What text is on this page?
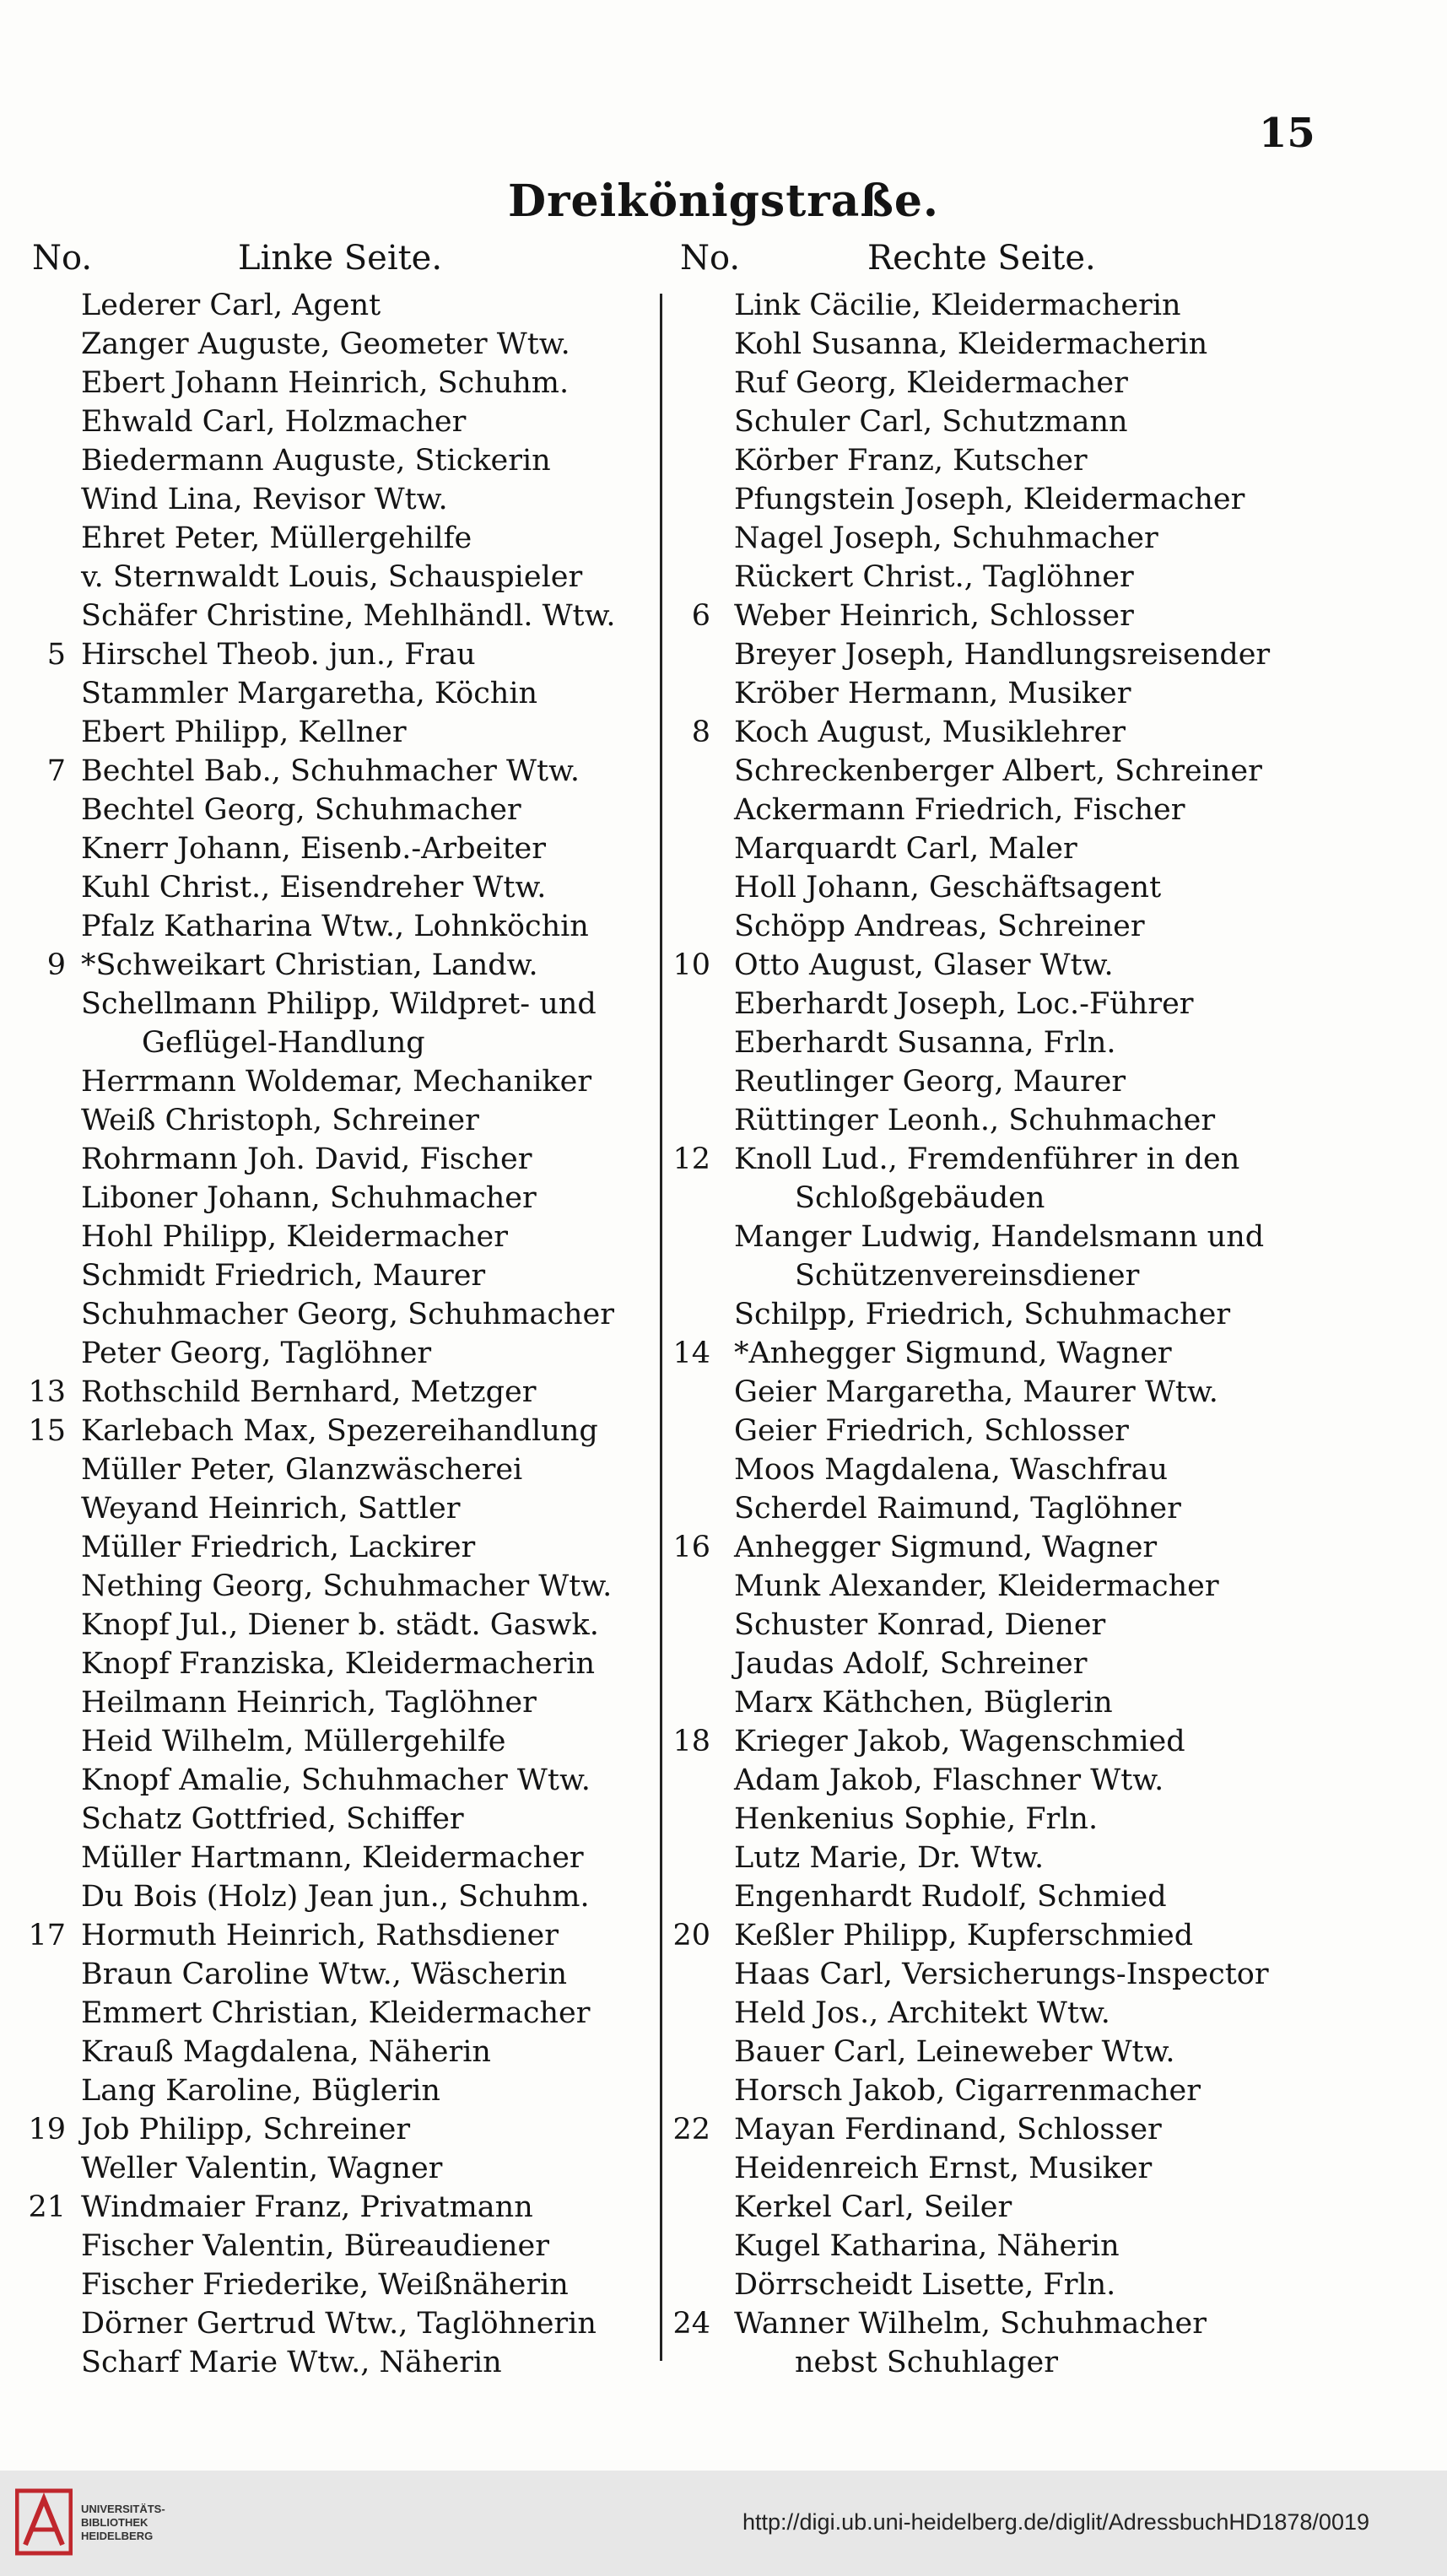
15
Dreikönigstraße.
No.	Linke Seite.	No.	Rechte Seite.
Lederer Carl, Agent
Zanger Auguste, Geometer Wtw.
Ebert Johann Heinrich, Schuhm.
Ehwald Carl, Holzmacher
Biedermann Auguste, Stickerin
Wind Lina, Revisor Wtw.
Ehret Peter, Müllergehilfe
v. Sternwaldt Louis, Schauspieler
Schäfer Christine, Mehlhändl. Wtw.
5 Hirschel Theob. jun., Frau
Stammler Margaretha, Köchin
Ebert Philipp, Kellner
7 Bechtel Bab., Schuhmacher Wtw.
Bechtel Georg, Schuhmacher
Knerr Johann, Eisenb.-Arbeiter
Kuhl Christ., Eisendreher Wtw.
Pfalz Katharina Wtw., Lohnköchin
9 *Schweikart Christian, Landw.
Schellmann Philipp, Wildpret- und
Geflügel-Handlung
Herrmann Woldemar, Mechaniker
Weiß Christoph, Schreiner
Rohrmann Joh. David, Fischer
Liboner Johann, Schuhmacher
Hohl Philipp, Kleidermacher
Schmidt Friedrich, Maurer
Schuhmacher Georg, Schuhmacher
Peter Georg, Taglöhner
13 Rothschild Bernhard, Metzger
15 Karlebach Max, Spezereihandlung
Müller Peter, Glanzwäscherei
Weyand Heinrich, Sattler
Müller Friedrich, Lackirer
Nething Georg, Schuhmacher Wtw.
Knopf Jul., Diener b. städt. Gaswk.
Knopf Franziska, Kleidermacherin
Heilmann Heinrich, Taglöhner
Heid Wilhelm, Müllergehilfe
Knopf Amalie, Schuhmacher Wtw.
Schatz Gottfried, Schiffer
Müller Hartmann, Kleidermacher
Du Bois (Holz) Jean jun., Schuhm.
17 Hormuth Heinrich, Rathsdiener
Braun Caroline Wtw., Wäscherin
Emmert Christian, Kleidermacher
Krauß Magdalena, Näherin
Lang Karoline, Büglerin
19 Job Philipp, Schreiner
Weller Valentin, Wagner
21 Windmaier Franz, Privatmann
Fischer Valentin, Büreaudiener
Fischer Friederike, Weißnäherin
Dörner Gertrud Wtw., Taglöhnerin
Scharf Marie Wtw., Näherin
Link Cäcilie, Kleidermacherin
Kohl Susanna, Kleidermacherin
Ruf Georg, Kleidermacher
Schuler Carl, Schutzmann
Körber Franz, Kutscher
Pfungstein Joseph, Kleidermacher
Nagel Joseph, Schuhmacher
Rückert Christ., Taglöhner
6 Weber Heinrich, Schlosser
Breyer Joseph, Handlungsreisender
Kröber Hermann, Musiker
8 Koch August, Musiklehrer
Schreckenberger Albert, Schreiner
Ackermann Friedrich, Fischer
Marquardt Carl, Maler
Holl Johann, Geschäftsagent
Schöpp Andreas, Schreiner
10 Otto August, Glaser Wtw.
Eberhardt Joseph, Loc.-Führer
Eberhardt Susanna, Frln.
Reutlinger Georg, Maurer
Rüttinger Leonh., Schuhmacher
12 Knoll Lud., Fremdenführer in den
Schloßgebäuden
Manger Ludwig, Handelsmann und
Schützenvereinsdiener
Schilpp, Friedrich, Schuhmacher
14 *Anhegger Sigmund, Wagner
Geier Margaretha, Maurer Wtw.
Geier Friedrich, Schlosser
Moos Magdalena, Waschfrau
Scherdel Raimund, Taglöhner
16 Anhegger Sigmund, Wagner
Munk Alexander, Kleidermacher
Schuster Konrad, Diener
Jaudas Adolf, Schreiner
Marx Käthchen, Büglerin
18 Krieger Jakob, Wagenschmied
Adam Jakob, Flaschner Wtw.
Henkenius Sophie, Frln.
Lutz Marie, Dr. Wtw.
Engenhardt Rudolf, Schmied
20 Keßler Philipp, Kupferschmied
Haas Carl, Versicherungs-Inspector
Held Jos., Architekt Wtw.
Bauer Carl, Leineweber Wtw.
Horsch Jakob, Cigarrenmacher
22 Mayan Ferdinand, Schlosser
Heidenreich Ernst, Musiker
Kerkel Carl, Seiler
Kugel Katharina, Näherin
Dörrscheidt Lisette, Frln.
24 Wanner Wilhelm, Schuhmacher
nebst Schuhlager
UNIVERSITÄTS-
BIBLIOTHEK
HEIDELBERG
http://digi.ub.uni-heidelberg.de/diglit/AdressbuchHD1878/0019
